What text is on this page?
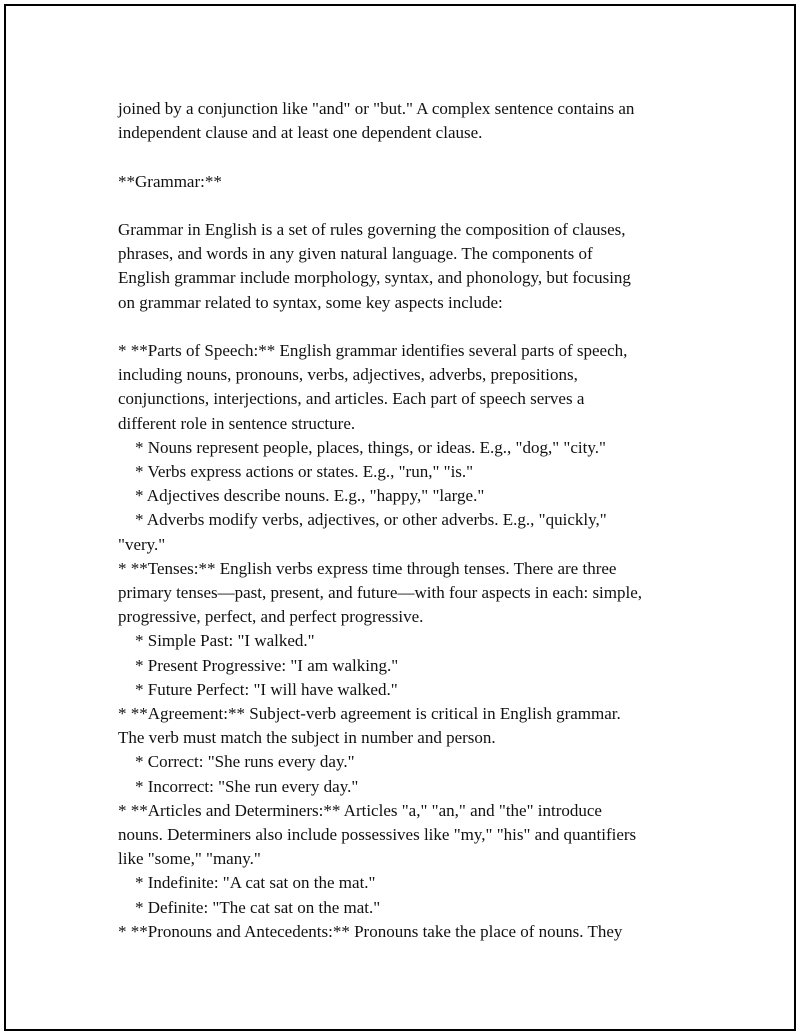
joined by a conjunction like "and" or "but." A complex sentence contains an
independent clause and at least one dependent clause.
**Grammar:**
Grammar in English is a set of rules governing the composition of clauses,
phrases, and words in any given natural language. The components of
English grammar include morphology, syntax, and phonology, but focusing
on grammar related to syntax, some key aspects include:
* **Parts of Speech:** English grammar identifies several parts of speech,
including nouns, pronouns, verbs, adjectives, adverbs, prepositions,
conjunctions, interjections, and articles. Each part of speech serves a
different role in sentence structure.
* Nouns represent people, places, things, or ideas. E.g., "dog," "city."
* Verbs express actions or states. E.g., "run," "is."
* Adjectives describe nouns. E.g., "happy," "large."
* Adverbs modify verbs, adjectives, or other adverbs. E.g., "quickly,"
"very."
* **Tenses:** English verbs express time through tenses. There are three
primary tenses—past, present, and future—with four aspects in each: simple,
progressive, perfect, and perfect progressive.
* Simple Past: "I walked."
* Present Progressive: "I am walking."
* Future Perfect: "I will have walked."
* **Agreement:** Subject-verb agreement is critical in English grammar.
The verb must match the subject in number and person.
* Correct: "She runs every day."
* Incorrect: "She run every day."
* **Articles and Determiners:** Articles "a," "an," and "the" introduce
nouns. Determiners also include possessives like "my," "his" and quantifiers
like "some," "many."
* Indefinite: "A cat sat on the mat."
* Definite: "The cat sat on the mat."
* **Pronouns and Antecedents:** Pronouns take the place of nouns. They
